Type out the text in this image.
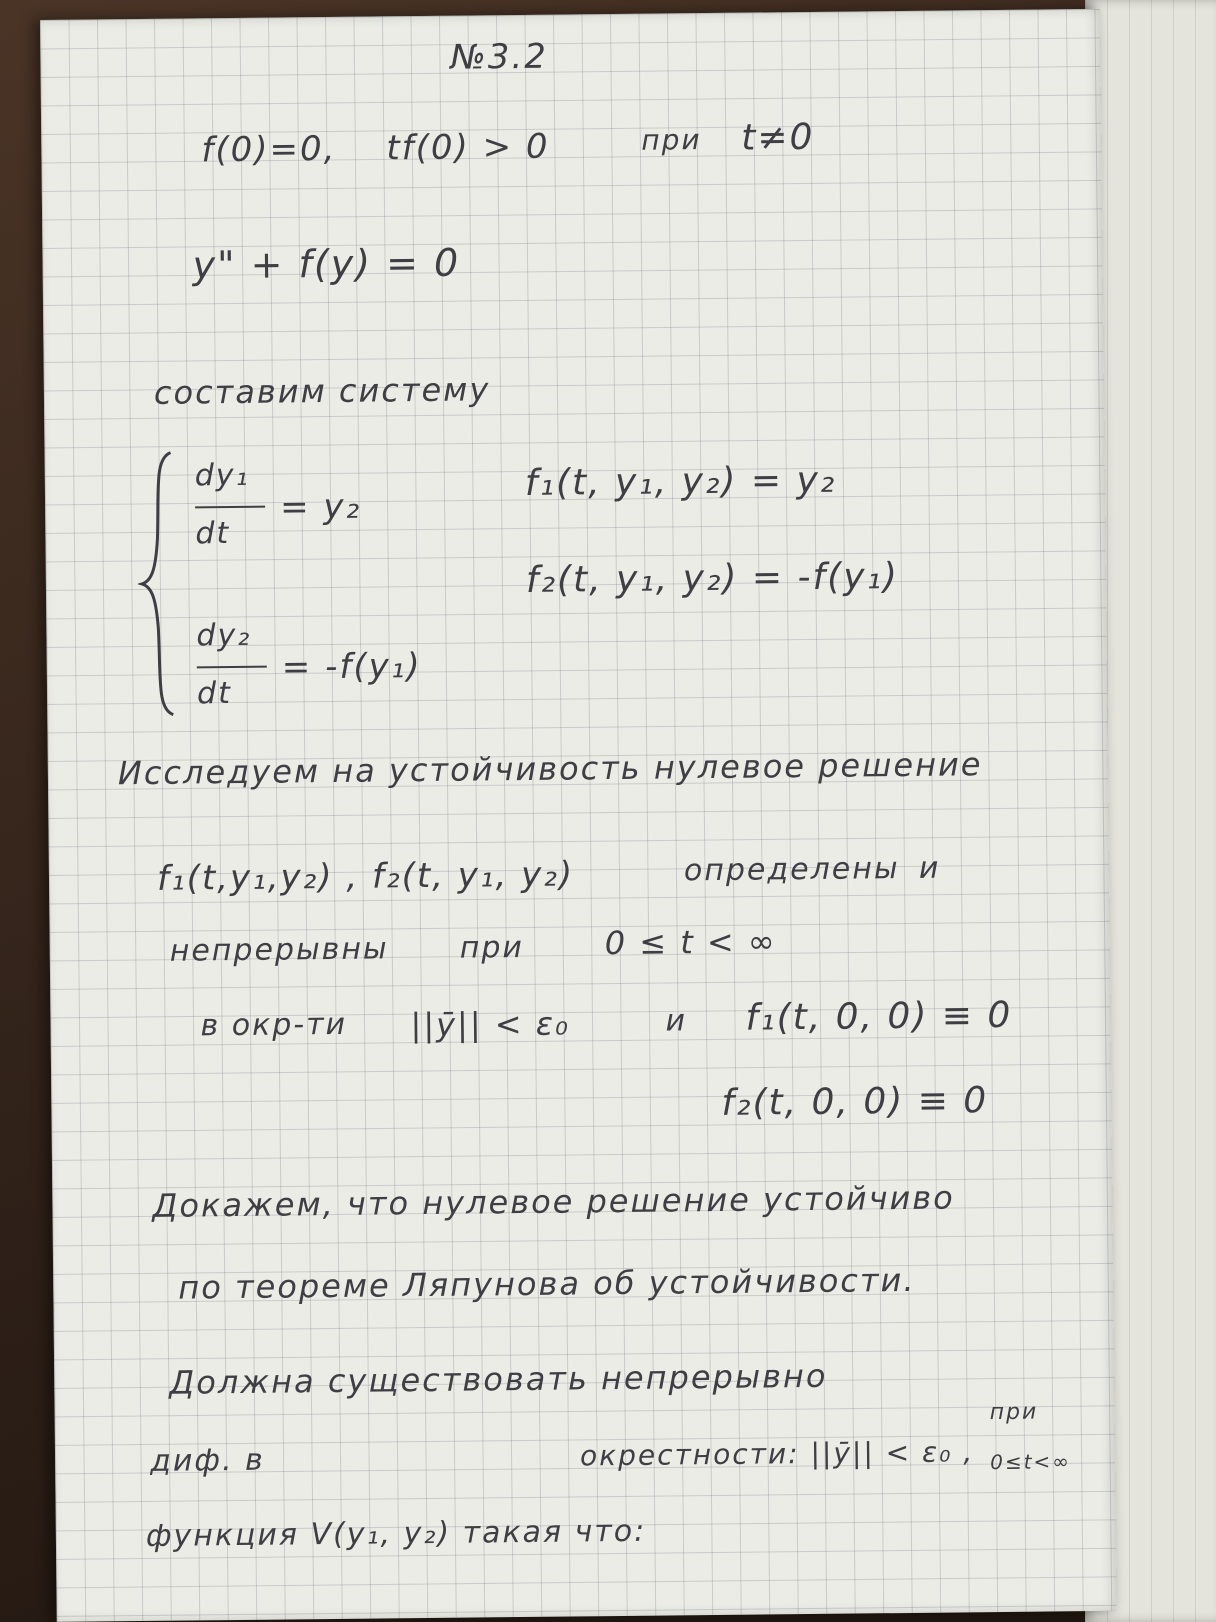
№3.2
f(0)=0, tf(0) > 0	при t≠0
y" + f(y) = 0
составим систему
dy₁
dt
= y₂
dy₂
dt
= -f(y₁)
f₁(t, y₁, y₂) = y₂
f₂(t, y₁, y₂) = -f(y₁)
Исследуем на устойчивость нулевое решение
f₁(t,y₁,y₂) , f₂(t, y₁, y₂)	определены и
непрерывны при	0 ≤ t < ∞
в окр-ти ||ȳ|| < ε₀	и f₁(t, 0, 0) ≡ 0
f₂(t, 0, 0) ≡ 0
Докажем, что нулевое решение устойчиво
по теореме Ляпунова об устойчивости.
Должна существовать непрерывно
диф. в	окрестности: ||ȳ|| < ε₀ ,
при
0≤t<∞
функция V(y₁, y₂) такая что:
